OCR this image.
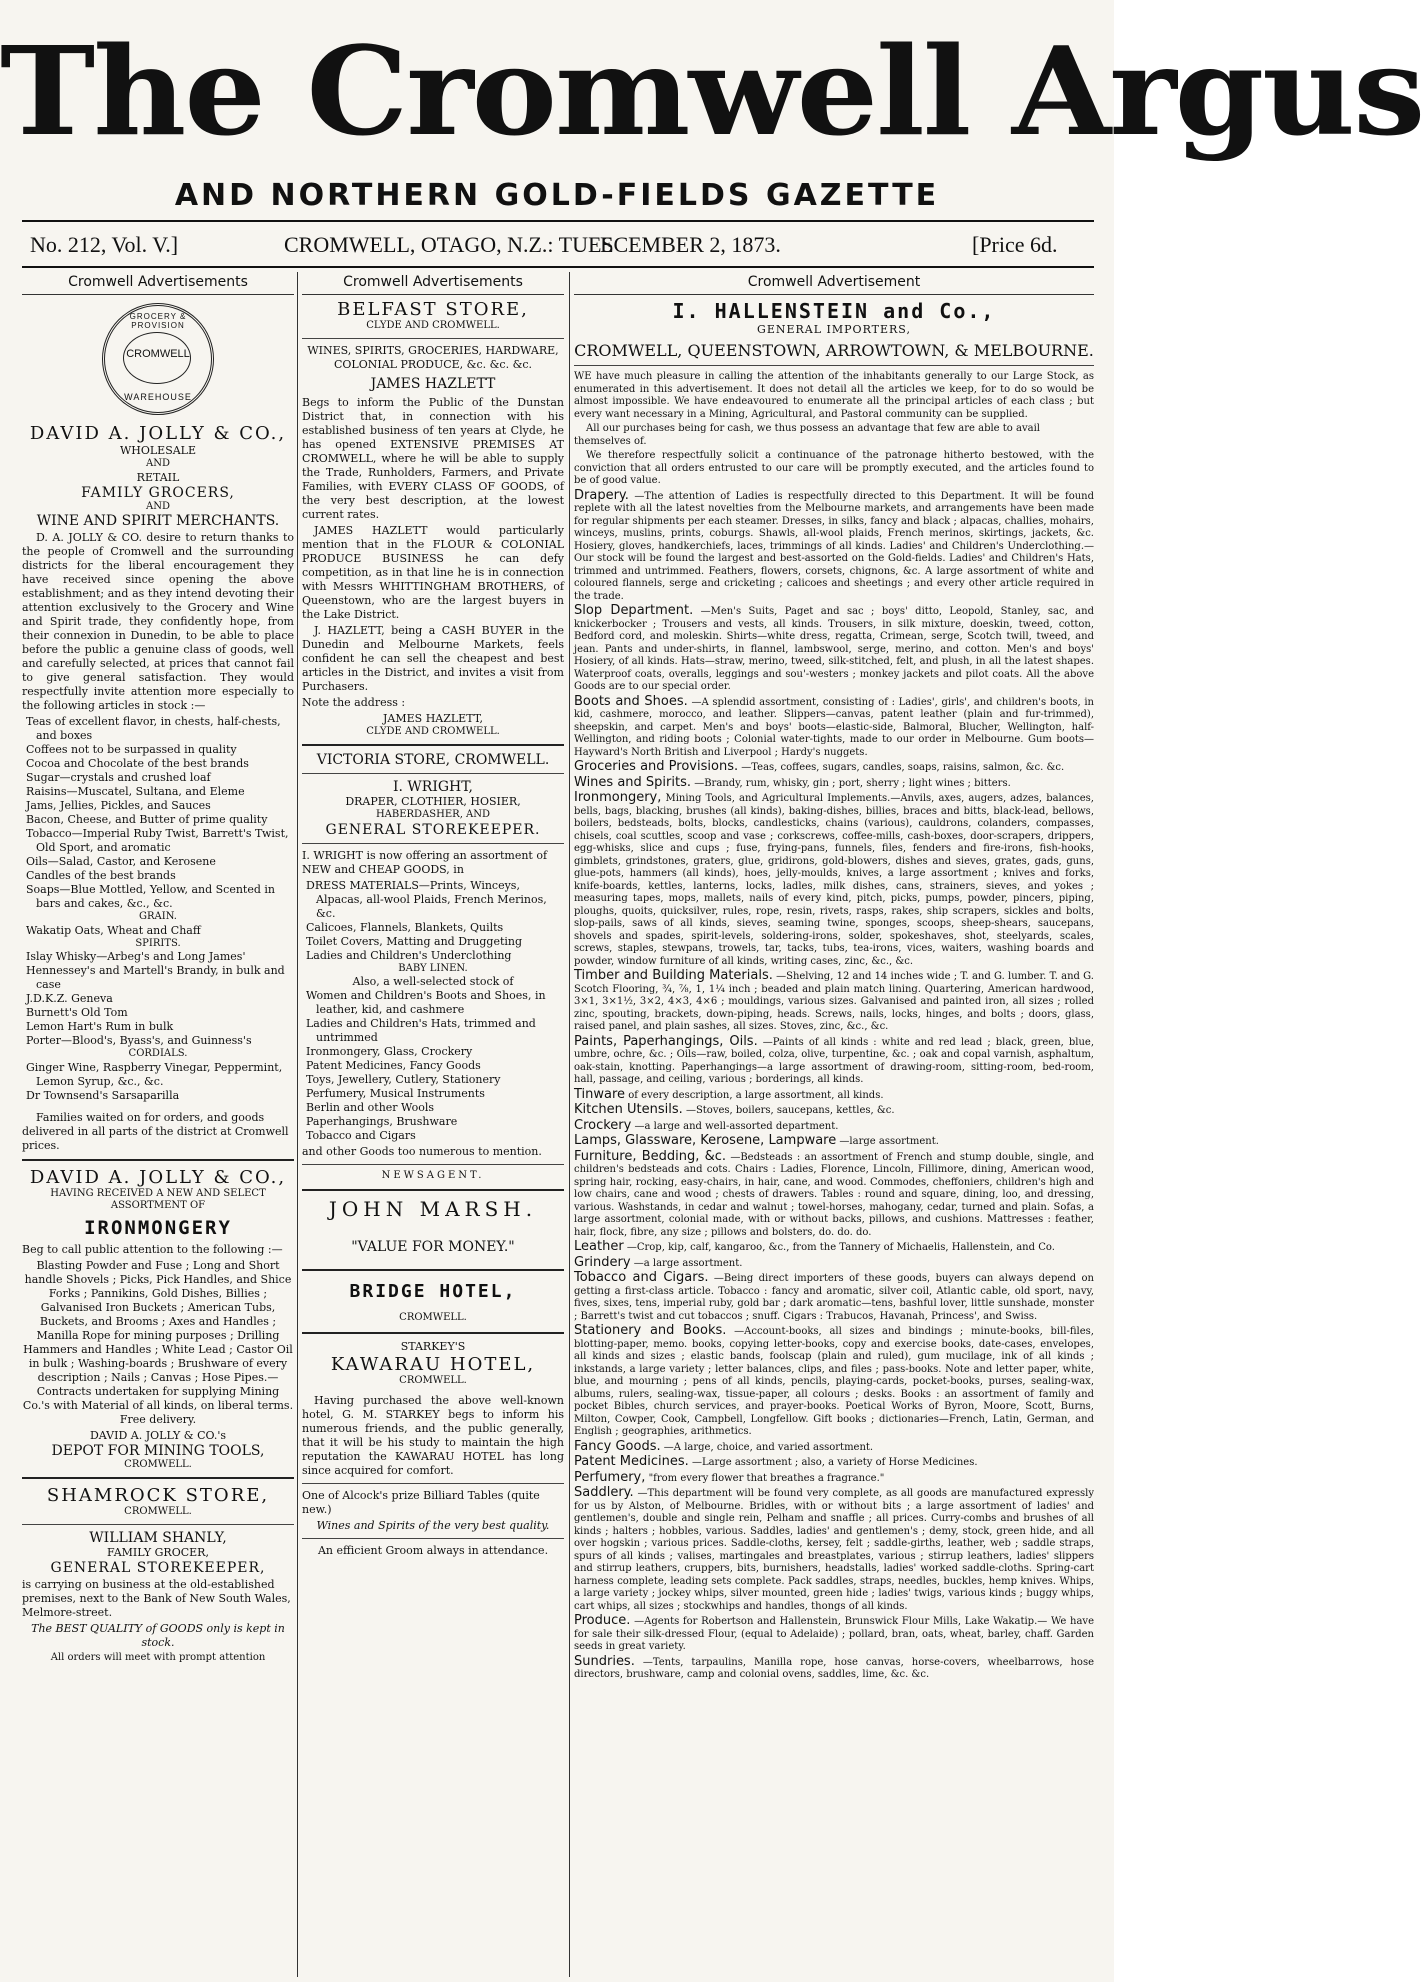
The Cromwell Argus
AND NORTHERN GOLD-FIELDS GAZETTE
No. 212, Vol. V.]	CROMWELL, OTAGO, N.Z.: TUES
ECEMBER 2, 1873.	[Price 6d.
Cromwell Advertisements
GROCERY & PROVISION
CROMWELL
WAREHOUSE
DAVID A. JOLLY & CO.,
WHOLESALE
AND
RETAIL
FAMILY GROCERS,
AND
WINE AND SPIRIT MERCHANTS.

D. A. JOLLY & CO. desire to return thanks to the people of Cromwell and the surrounding districts for the liberal encouragement they have received since opening the above establishment; and as they intend devoting their attention exclusively to the Grocery and Wine and Spirit trade, they confidently hope, from their connexion in Dunedin, to be able to place before the public a genuine class of goods, well and carefully selected, at prices that cannot fail to give general satisfaction. They would respectfully invite attention more especially to the following articles in stock :—

Teas of excellent flavor, in chests, half-chests, and boxes
Coffees not to be surpassed in quality
Cocoa and Chocolate of the best brands
Sugar—crystals and crushed loaf
Raisins—Muscatel, Sultana, and Eleme
Jams, Jellies, Pickles, and Sauces
Bacon, Cheese, and Butter of prime quality
Tobacco—Imperial Ruby Twist, Barrett's Twist, Old Sport, and aromatic
Oils—Salad, Castor, and Kerosene
Candles of the best brands
Soaps—Blue Mottled, Yellow, and Scented in bars and cakes, &c., &c.
GRAIN.
Wakatip Oats, Wheat and Chaff
SPIRITS.
Islay Whisky—Arbeg's and Long James'
Hennessey's and Martell's Brandy, in bulk and case
J.D.K.Z. Geneva
Burnett's Old Tom
Lemon Hart's Rum in bulk
Porter—Blood's, Byass's, and Guinness's
CORDIALS.
Ginger Wine, Raspberry Vinegar, Peppermint, Lemon Syrup, &c., &c.
Dr Townsend's Sarsaparilla

Families waited on for orders, and goods delivered in all parts of the district at Cromwell prices.

DAVID A. JOLLY & CO.,
HAVING RECEIVED A NEW AND SELECT
ASSORTMENT OF
IRONMONGERY

Beg to call public attention to the following :—

Blasting Powder and Fuse ; Long and Short handle Shovels ; Picks, Pick Handles, and Shice Forks ; Pannikins, Gold Dishes, Billies ; Galvanised Iron Buckets ; American Tubs, Buckets, and Brooms ; Axes and Handles ; Manilla Rope for mining purposes ; Drilling Hammers and Handles ; White Lead ; Castor Oil in bulk ; Washing-boards ; Brushware of every description ; Nails ; Canvas ; Hose Pipes.—Contracts undertaken for supplying Mining Co.'s with Material of all kinds, on liberal terms. Free delivery.

DAVID A. JOLLY & CO.'s
DEPOT FOR MINING TOOLS,
CROMWELL.
SHAMROCK STORE,
CROMWELL.
WILLIAM SHANLY,
FAMILY GROCER,
GENERAL STOREKEEPER,

is carrying on business at the old-established premises, next to the Bank of New South Wales, Melmore-street.

The BEST QUALITY of GOODS only is kept in stock.

All orders will meet with prompt attention

Cromwell Advertisements
BELFAST STORE,
CLYDE AND CROMWELL.
WINES, SPIRITS, GROCERIES, HARDWARE, COLONIAL PRODUCE, &c. &c. &c.
JAMES HAZLETT

Begs to inform the Public of the Dunstan District that, in connection with his established business of ten years at Clyde, he has opened EXTENSIVE PREMISES AT CROMWELL, where he will be able to supply the Trade, Runholders, Farmers, and Private Families, with EVERY CLASS OF GOODS, of the very best description, at the lowest current rates.

JAMES HAZLETT would particularly mention that in the FLOUR & COLONIAL PRODUCE BUSINESS he can defy competition, as in that line he is in connection with Messrs WHITTINGHAM BROTHERS, of Queenstown, who are the largest buyers in the Lake District.

J. HAZLETT, being a CASH BUYER in the Dunedin and Melbourne Markets, feels confident he can sell the cheapest and best articles in the District, and invites a visit from Purchasers.

Note the address :

JAMES HAZLETT,
CLYDE AND CROMWELL.
VICTORIA STORE, CROMWELL.
I. WRIGHT,
DRAPER, CLOTHIER, HOSIER,
HABERDASHER, AND
GENERAL STOREKEEPER.

I. WRIGHT is now offering an assortment of NEW and CHEAP GOODS, in

DRESS MATERIALS—Prints, Winceys, Alpacas, all-wool Plaids, French Merinos, &c.
Calicoes, Flannels, Blankets, Quilts
Toilet Covers, Matting and Druggeting
Ladies and Children's Underclothing
BABY LINEN.
Also, a well-selected stock of
Women and Children's Boots and Shoes, in leather, kid, and cashmere
Ladies and Children's Hats, trimmed and untrimmed
Ironmongery, Glass, Crockery
Patent Medicines, Fancy Goods
Toys, Jewellery, Cutlery, Stationery
Perfumery, Musical Instruments
Berlin and other Wools
Paperhangings, Brushware
Tobacco and Cigars

and other Goods too numerous to mention.

NEWSAGENT.
JOHN MARSH.
"VALUE FOR MONEY."
BRIDGE HOTEL,
CROMWELL.
STARKEY'S
KAWARAU HOTEL,
CROMWELL.

Having purchased the above well-known hotel, G. M. STARKEY begs to inform his numerous friends, and the public generally, that it will be his study to maintain the high reputation the KAWARAU HOTEL has long since acquired for comfort.

One of Alcock's prize Billiard Tables (quite new.)

Wines and Spirits of the very best quality.

An efficient Groom always in attendance.

Cromwell Advertisement
I. HALLENSTEIN and Co.,
GENERAL IMPORTERS,
CROMWELL, QUEENSTOWN, ARROWTOWN, & MELBOURNE.

WE have much pleasure in calling the attention of the inhabitants generally to our Large Stock, as enumerated in this advertisement. It does not detail all the articles we keep, for to do so would be almost impossible. We have endeavoured to enumerate all the principal articles of each class ; but every want necessary in a Mining, Agricultural, and Pastoral community can be supplied.

All our purchases being for cash, we thus possess an advantage that few are able to avail themselves of.

We therefore respectfully solicit a continuance of the patronage hitherto bestowed, with the conviction that all orders entrusted to our care will be promptly executed, and the articles found to be of good value.

Drapery. —The attention of Ladies is respectfully directed to this Department. It will be found replete with all the latest novelties from the Melbourne markets, and arrangements have been made for regular shipments per each steamer. Dresses, in silks, fancy and black ; alpacas, challies, mohairs, winceys, muslins, prints, coburgs. Shawls, all-wool plaids, French merinos, skirtings, jackets, &c. Hosiery, gloves, handkerchiefs, laces, trimmings of all kinds. Ladies' and Children's Underclothing.—Our stock will be found the largest and best-assorted on the Gold-fields. Ladies' and Children's Hats, trimmed and untrimmed. Feathers, flowers, corsets, chignons, &c. A large assortment of white and coloured flannels, serge and cricketing ; calicoes and sheetings ; and every other article required in the trade.

Slop Department. —Men's Suits, Paget and sac ; boys' ditto, Leopold, Stanley, sac, and knickerbocker ; Trousers and vests, all kinds. Trousers, in silk mixture, doeskin, tweed, cotton, Bedford cord, and moleskin. Shirts—white dress, regatta, Crimean, serge, Scotch twill, tweed, and jean. Pants and under-shirts, in flannel, lambswool, serge, merino, and cotton. Men's and boys' Hosiery, of all kinds. Hats—straw, merino, tweed, silk-stitched, felt, and plush, in all the latest shapes. Waterproof coats, overalls, leggings and sou'-westers ; monkey jackets and pilot coats. All the above Goods are to our special order.

Boots and Shoes. —A splendid assortment, consisting of : Ladies', girls', and children's boots, in kid, cashmere, morocco, and leather. Slippers—canvas, patent leather (plain and fur-trimmed), sheepskin, and carpet. Men's and boys' boots—elastic-side, Balmoral, Blucher, Wellington, half-Wellington, and riding boots ; Colonial water-tights, made to our order in Melbourne. Gum boots—Hayward's North British and Liverpool ; Hardy's nuggets.

Groceries and Provisions. —Teas, coffees, sugars, candles, soaps, raisins, salmon, &c. &c.

Wines and Spirits. —Brandy, rum, whisky, gin ; port, sherry ; light wines ; bitters.

Ironmongery, Mining Tools, and Agricultural Implements.—Anvils, axes, augers, adzes, balances, bells, bags, blacking, brushes (all kinds), baking-dishes, billies, braces and bitts, black-lead, bellows, boilers, bedsteads, bolts, blocks, candlesticks, chains (various), cauldrons, colanders, compasses, chisels, coal scuttles, scoop and vase ; corkscrews, coffee-mills, cash-boxes, door-scrapers, drippers, egg-whisks, slice and cups ; fuse, frying-pans, funnels, files, fenders and fire-irons, fish-hooks, gimblets, grindstones, graters, glue, gridirons, gold-blowers, dishes and sieves, grates, gads, guns, glue-pots, hammers (all kinds), hoes, jelly-moulds, knives, a large assortment ; knives and forks, knife-boards, kettles, lanterns, locks, ladles, milk dishes, cans, strainers, sieves, and yokes ; measuring tapes, mops, mallets, nails of every kind, pitch, picks, pumps, powder, pincers, piping, ploughs, quoits, quicksilver, rules, rope, resin, rivets, rasps, rakes, ship scrapers, sickles and bolts, slop-pails, saws of all kinds, sieves, seaming twine, sponges, scoops, sheep-shears, saucepans, shovels and spades, spirit-levels, soldering-irons, solder, spokeshaves, shot, steelyards, scales, screws, staples, stewpans, trowels, tar, tacks, tubs, tea-irons, vices, waiters, washing boards and powder, window furniture of all kinds, writing cases, zinc, &c., &c.

Timber and Building Materials. —Shelving, 12 and 14 inches wide ; T. and G. lumber. T. and G. Scotch Flooring, ¾, ⅞, 1, 1¼ inch ; beaded and plain match lining. Quartering, American hardwood, 3×1, 3×1½, 3×2, 4×3, 4×6 ; mouldings, various sizes. Galvanised and painted iron, all sizes ; rolled zinc, spouting, brackets, down-piping, heads. Screws, nails, locks, hinges, and bolts ; doors, glass, raised panel, and plain sashes, all sizes. Stoves, zinc, &c., &c.

Paints, Paperhangings, Oils. —Paints of all kinds : white and red lead ; black, green, blue, umbre, ochre, &c. ; Oils—raw, boiled, colza, olive, turpentine, &c. ; oak and copal varnish, asphaltum, oak-stain, knotting. Paperhangings—a large assortment of drawing-room, sitting-room, bed-room, hall, passage, and ceiling, various ; borderings, all kinds.

Tinware of every description, a large assortment, all kinds.

Kitchen Utensils. —Stoves, boilers, saucepans, kettles, &c.

Crockery —a large and well-assorted department.

Lamps, Glassware, Kerosene, Lampware —large assortment.

Furniture, Bedding, &c. —Bedsteads : an assortment of French and stump double, single, and children's bedsteads and cots. Chairs : Ladies, Florence, Lincoln, Fillimore, dining, American wood, spring hair, rocking, easy-chairs, in hair, cane, and wood. Commodes, cheffoniers, children's high and low chairs, cane and wood ; chests of drawers. Tables : round and square, dining, loo, and dressing, various. Washstands, in cedar and walnut ; towel-horses, mahogany, cedar, turned and plain. Sofas, a large assortment, colonial made, with or without backs, pillows, and cushions. Mattresses : feather, hair, flock, fibre, any size ; pillows and bolsters, do. do. do.

Leather —Crop, kip, calf, kangaroo, &c., from the Tannery of Michaelis, Hallenstein, and Co.

Grindery —a large assortment.

Tobacco and Cigars. —Being direct importers of these goods, buyers can always depend on getting a first-class article. Tobacco : fancy and aromatic, silver coil, Atlantic cable, old sport, navy, fives, sixes, tens, imperial ruby, gold bar ; dark aromatic—tens, bashful lover, little sunshade, monster ; Barrett's twist and cut tobaccos ; snuff. Cigars : Trabucos, Havanah, Princess', and Swiss.

Stationery and Books. —Account-books, all sizes and bindings ; minute-books, bill-files, blotting-paper, memo. books, copying letter-books, copy and exercise books, date-cases, envelopes, all kinds and sizes ; elastic bands, foolscap (plain and ruled), gum mucilage, ink of all kinds ; inkstands, a large variety ; letter balances, clips, and files ; pass-books. Note and letter paper, white, blue, and mourning ; pens of all kinds, pencils, playing-cards, pocket-books, purses, sealing-wax, albums, rulers, sealing-wax, tissue-paper, all colours ; desks. Books : an assortment of family and pocket Bibles, church services, and prayer-books. Poetical Works of Byron, Moore, Scott, Burns, Milton, Cowper, Cook, Campbell, Longfellow. Gift books ; dictionaries—French, Latin, German, and English ; geographies, arithmetics.

Fancy Goods. —A large, choice, and varied assortment.

Patent Medicines. —Large assortment ; also, a variety of Horse Medicines.

Perfumery, "from every flower that breathes a fragrance."

Saddlery. —This department will be found very complete, as all goods are manufactured expressly for us by Alston, of Melbourne. Bridles, with or without bits ; a large assortment of ladies' and gentlemen's, double and single rein, Pelham and snaffle ; all prices. Curry-combs and brushes of all kinds ; halters ; hobbles, various. Saddles, ladies' and gentlemen's ; demy, stock, green hide, and all over hogskin ; various prices. Saddle-cloths, kersey, felt ; saddle-girths, leather, web ; saddle straps, spurs of all kinds ; valises, martingales and breastplates, various ; stirrup leathers, ladies' slippers and stirrup leathers, cruppers, bits, burnishers, headstalls, ladies' worked saddle-cloths. Spring-cart harness complete, leading sets complete. Pack saddles, straps, needles, buckles, hemp knives. Whips, a large variety ; jockey whips, silver mounted, green hide ; ladies' twigs, various kinds ; buggy whips, cart whips, all sizes ; stockwhips and handles, thongs of all kinds.

Produce. —Agents for Robertson and Hallenstein, Brunswick Flour Mills, Lake Wakatip.— We have for sale their silk-dressed Flour, (equal to Adelaide) ; pollard, bran, oats, wheat, barley, chaff. Garden seeds in great variety.

Sundries. —Tents, tarpaulins, Manilla rope, hose canvas, horse-covers, wheelbarrows, hose directors, brushware, camp and colonial ovens, saddles, lime, &c. &c.
